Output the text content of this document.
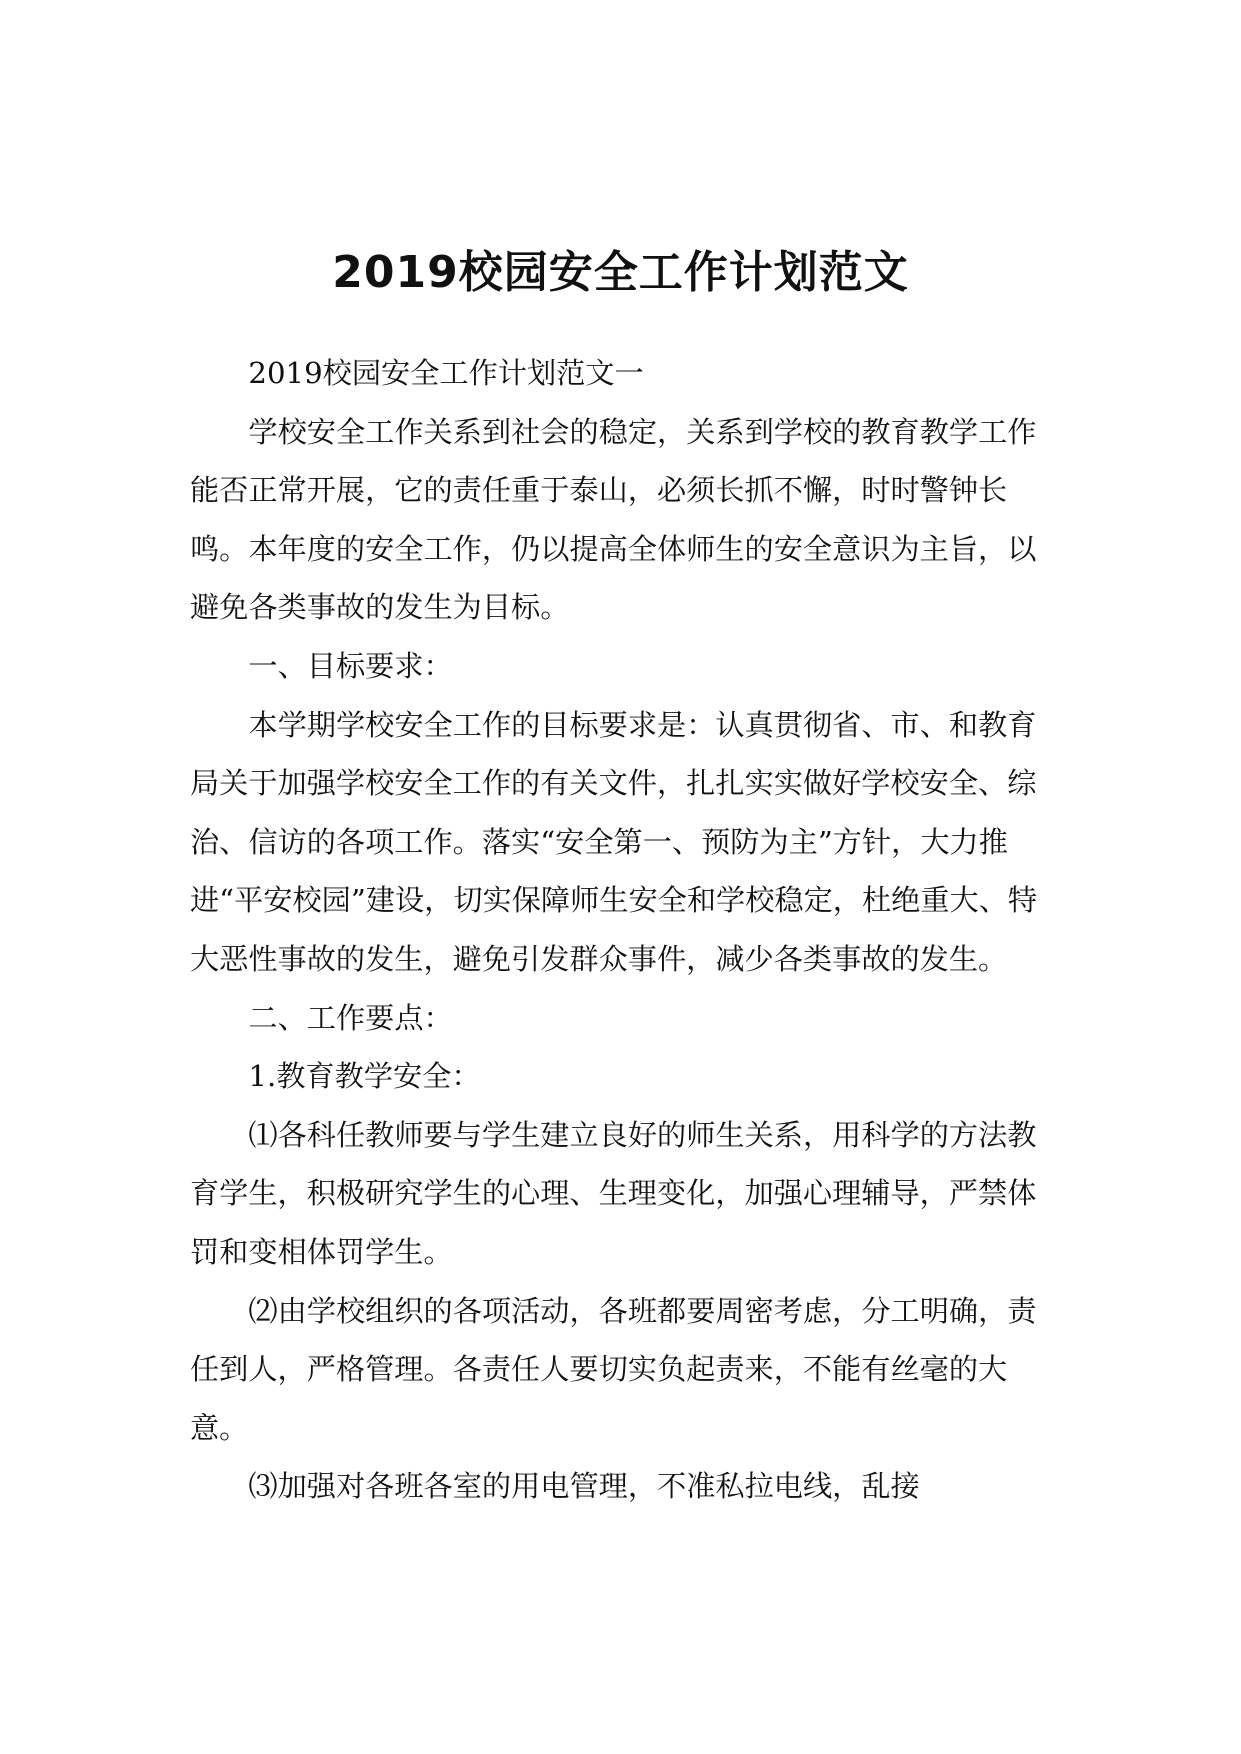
2019校园安全工作计划范文

2019校园安全工作计划范文一

学校安全工作关系到社会的稳定，关系到学校的教育教学工作能否正常开展，它的责任重于泰山，必须长抓不懈，时时警钟长鸣。本年度的安全工作，仍以提高全体师生的安全意识为主旨，以避免各类事故的发生为目标。

一、目标要求：

本学期学校安全工作的目标要求是：认真贯彻省、市、和教育局关于加强学校安全工作的有关文件，扎扎实实做好学校安全、综治、信访的各项工作。落实“安全第一、预防为主”方针，大力推进“平安校园”建设，切实保障师生安全和学校稳定，杜绝重大、特大恶性事故的发生，避免引发群众事件，减少各类事故的发生。

二、工作要点：

1.教育教学安全：

⑴各科任教师要与学生建立良好的师生关系，用科学的方法教育学生，积极研究学生的心理、生理变化，加强心理辅导，严禁体罚和变相体罚学生。

⑵由学校组织的各项活动，各班都要周密考虑，分工明确，责任到人，严格管理。各责任人要切实负起责来，不能有丝毫的大意。

⑶加强对各班各室的用电管理，不准私拉电线，乱接
